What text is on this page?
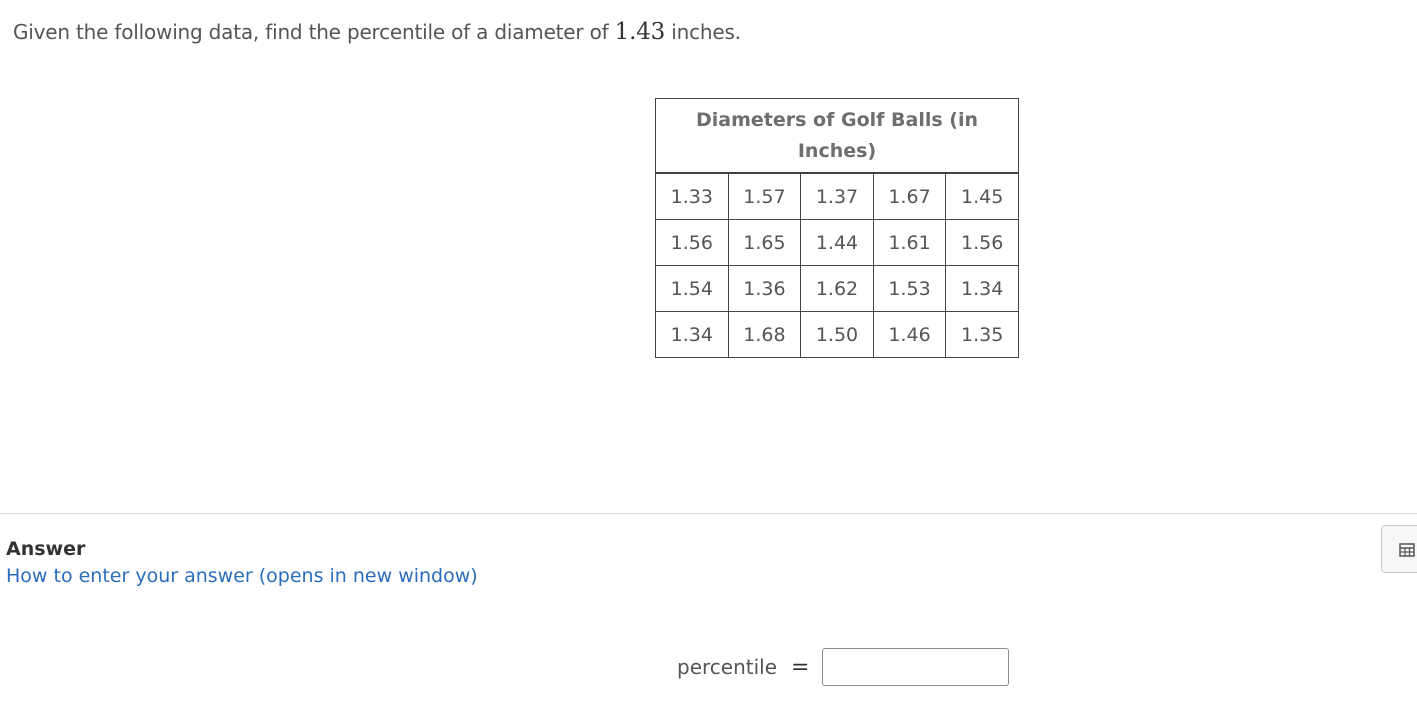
Given the following data, find the percentile of a diameter of 1.43 inches.
Diameters of Golf Balls (in Inches)				
1.33	1.57	1.37	1.67	1.45
1.56	1.65	1.44	1.61	1.56
1.54	1.36	1.62	1.53	1.34
1.34	1.68	1.50	1.46	1.35
Answer
How to enter your answer (opens in new window)
percentile =
